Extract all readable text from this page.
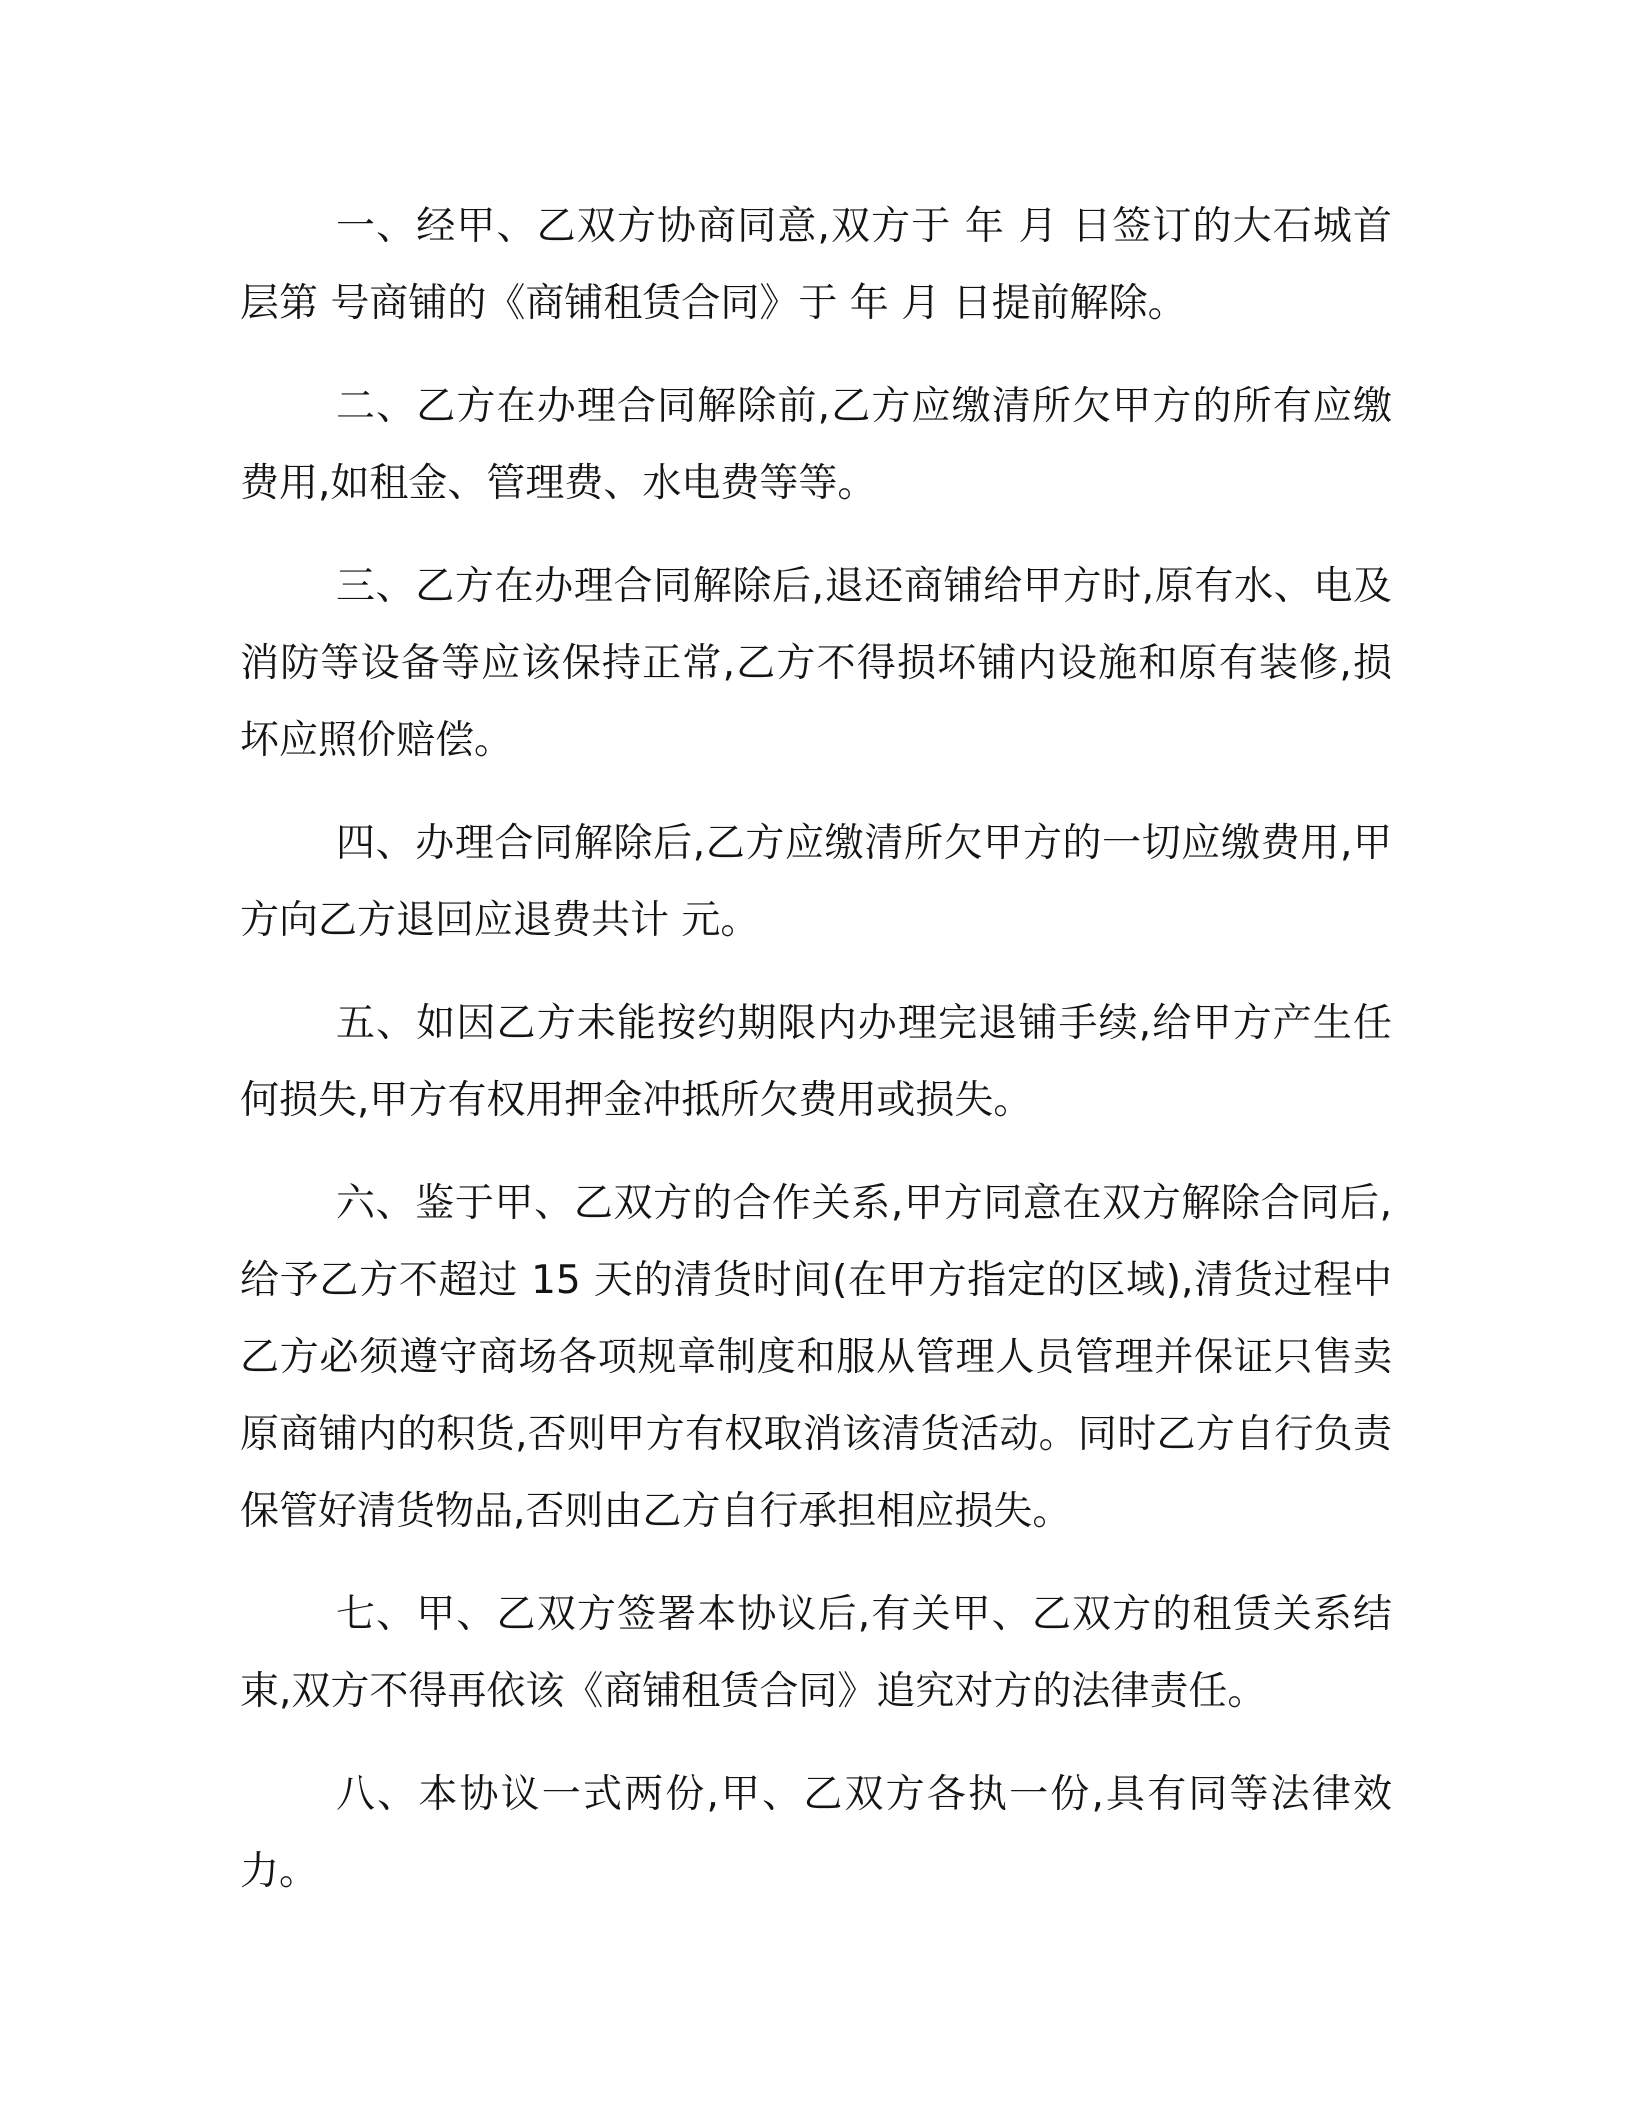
一、经甲、乙双方协商同意,双方于 年 月 日签订的大石城首层第 号商铺的《商铺租赁合同》于 年 月 日提前解除。

二、乙方在办理合同解除前,乙方应缴清所欠甲方的所有应缴费用,如租金、管理费、水电费等等。

三、乙方在办理合同解除后,退还商铺给甲方时,原有水、电及消防等设备等应该保持正常,乙方不得损坏铺内设施和原有装修,损坏应照价赔偿。

四、办理合同解除后,乙方应缴清所欠甲方的一切应缴费用,甲方向乙方退回应退费共计 元。

五、如因乙方未能按约期限内办理完退铺手续,给甲方产生任何损失,甲方有权用押金冲抵所欠费用或损失。

六、鉴于甲、乙双方的合作关系,甲方同意在双方解除合同后,给予乙方不超过 15 天的清货时间(在甲方指定的区域),清货过程中乙方必须遵守商场各项规章制度和服从管理人员管理并保证只售卖原商铺内的积货,否则甲方有权取消该清货活动。同时乙方自行负责保管好清货物品,否则由乙方自行承担相应损失。

七、甲、乙双方签署本协议后,有关甲、乙双方的租赁关系结束,双方不得再依该《商铺租赁合同》追究对方的法律责任。

八、本协议一式两份,甲、乙双方各执一份,具有同等法律效力。
